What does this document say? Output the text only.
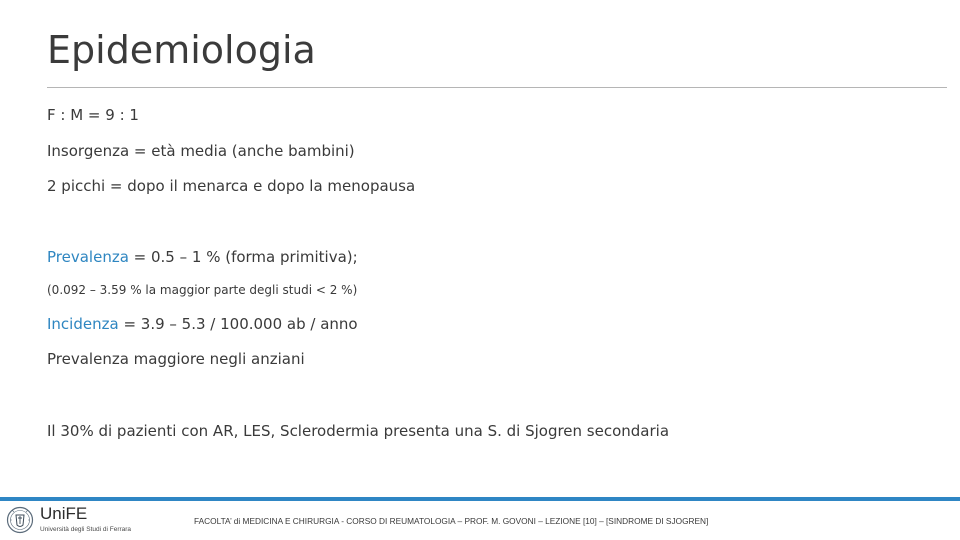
Epidemiologia

F : M = 9 : 1

Insorgenza = età media (anche bambini)

2 picchi = dopo il menarca e dopo la menopausa

Prevalenza = 0.5 – 1 % (forma primitiva);

(0.092 – 3.59 % la maggior parte degli studi < 2 %)

Incidenza = 3.9 – 5.3 / 100.000 ab / anno

Prevalenza maggiore negli anziani

Il 30% di pazienti con AR, LES, Sclerodermia presenta una S. di Sjogren secondaria

UniFE
Università degli Studi di Ferrara
FACOLTA’ di MEDICINA E CHIRURGIA - CORSO DI REUMATOLOGIA – PROF. M. GOVONI – LEZIONE [10] – [SINDROME DI SJOGREN]
